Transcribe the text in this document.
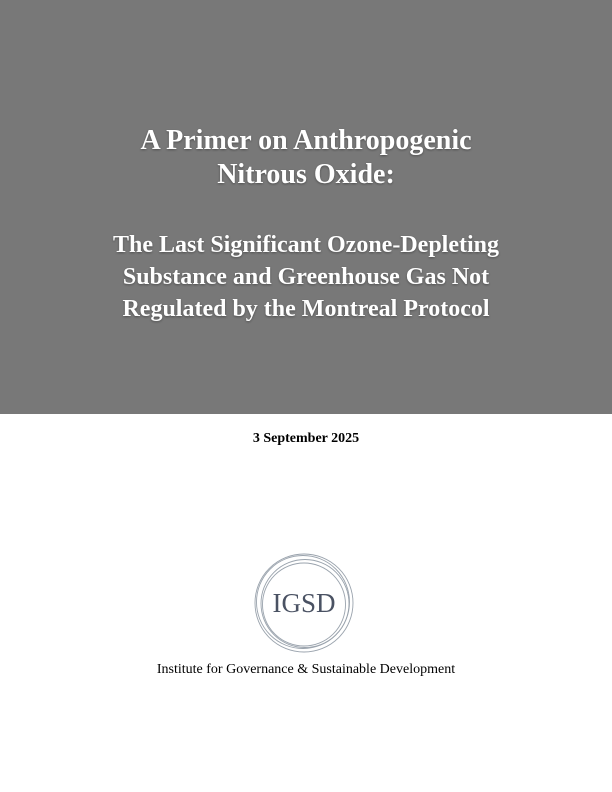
A Primer on Anthropogenic
Nitrous Oxide:
The Last Significant Ozone-Depleting
Substance and Greenhouse Gas Not
Regulated by the Montreal Protocol
3 September 2025
IGSD
Institute for Governance & Sustainable Development
